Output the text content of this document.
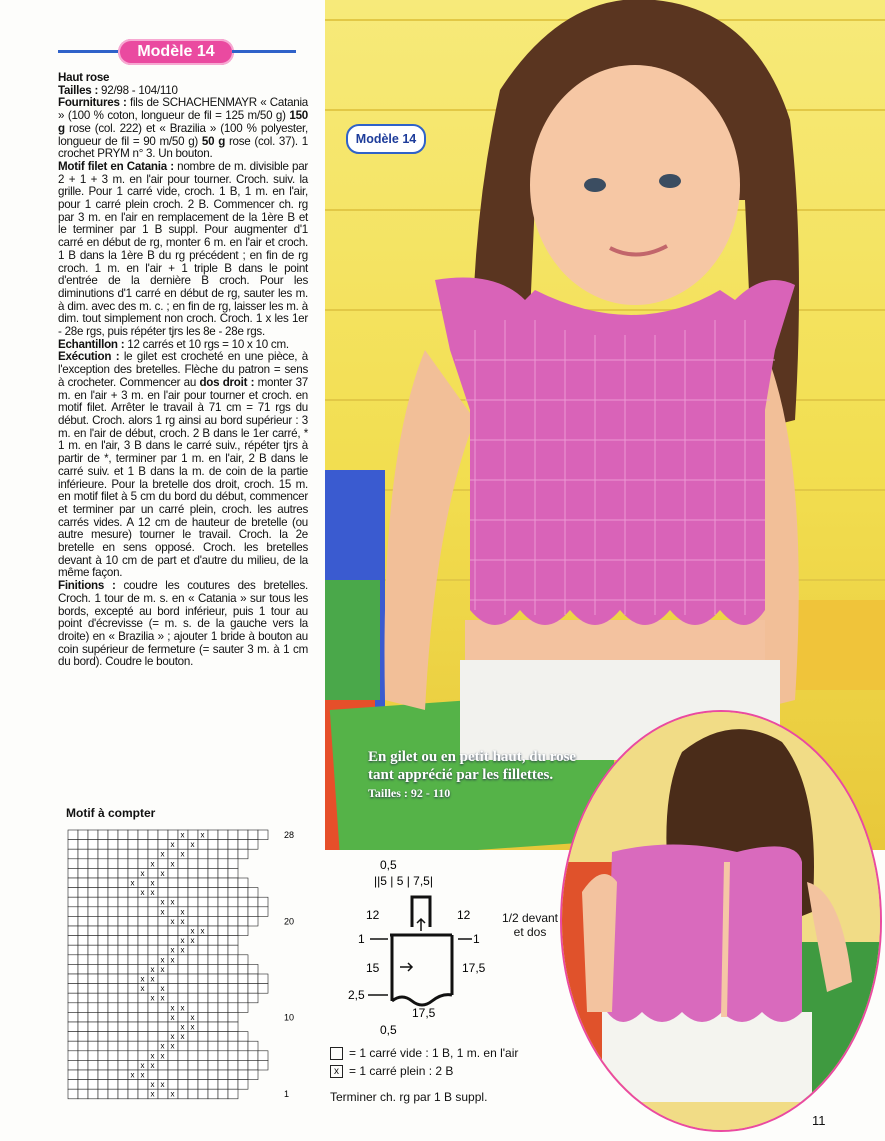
Modèle 14

Haut rose

Tailles : 92/98 - 104/110

Fournitures : fils de SCHACHENMAYR « Catania » (100 % coton, longueur de fil = 125 m/50 g) 150 g rose (col. 222) et « Brazilia » (100 % polyester, longueur de fil = 90 m/50 g) 50 g rose (col. 37). 1 crochet PRYM n° 3. Un bouton.

Motif filet en Catania : nombre de m. divisible par 2 + 1 + 3 m. en l'air pour tourner. Croch. suiv. la grille. Pour 1 carré vide, croch. 1 B, 1 m. en l'air, pour 1 carré plein croch. 2 B. Commencer ch. rg par 3 m. en l'air en remplacement de la 1ère B et le terminer par 1 B suppl. Pour augmenter d'1 carré en début de rg, monter 6 m. en l'air et croch. 1 B dans la 1ère B du rg précédent ; en fin de rg croch. 1 m. en l'air + 1 triple B dans le point d'entrée de la dernière B croch. Pour les diminutions d'1 carré en début de rg, sauter les m. à dim. avec des m. c. ; en fin de rg, laisser les m. à dim. tout simplement non croch. Croch. 1 x les 1er - 28e rgs, puis répéter tjrs les 8e - 28e rgs.

Echantillon : 12 carrés et 10 rgs = 10 x 10 cm.

Exécution : le gilet est crocheté en une pièce, à l'exception des bretelles. Flèche du patron = sens à crocheter. Commencer au dos droit : monter 37 m. en l'air + 3 m. en l'air pour tourner et croch. en motif filet. Arrêter le travail à 71 cm = 71 rgs du début. Croch. alors 1 rg ainsi au bord supérieur : 3 m. en l'air de début, croch. 2 B dans le 1er carré, * 1 m. en l'air, 3 B dans le carré suiv., répéter tjrs à partir de *, terminer par 1 m. en l'air, 2 B dans le carré suiv. et 1 B dans la m. de coin de la partie inférieure. Pour la bretelle dos droit, croch. 15 m. en motif filet à 5 cm du bord du début, commencer et terminer par un carré plein, croch. les autres carrés vides. A 12 cm de hauteur de bretelle (ou autre mesure) tourner le travail. Croch. la 2e bretelle en sens opposé. Croch. les bretelles devant à 10 cm de part et d'autre du milieu, de la même façon.

Finitions : coudre les coutures des bretelles. Croch. 1 tour de m. s. en « Catania » sur tous les bords, excepté au bord inférieur, puis 1 tour au point d'écrevisse (= m. s. de la gauche vers la droite) en « Brazilia » ; ajouter 1 bride à bouton au coin supérieur de fermeture (= sauter 3 m. à 1 cm du bord). Coudre le bouton.

Motif à compter
x x
x x
x x
x x
x x
x x
x x
x x
x x
x x
x x
x x
x x
x x
x x
x x
x x
x x
x x
x x
x x
x x
x x
x x
x x
x x
x x
x x
28
20
10
1
Modèle 14
En gilet ou en petit haut, du rose tant apprécié par les fillettes.
Tailles : 92 - 110
0,5
||5 | 5 | 7,5|
12	12
1	1
15	17,5
2,5
17,5
0,5
1/2 devant et dos
= 1 carré vide : 1 B, 1 m. en l'air
x = 1 carré plein : 2 B
Terminer ch. rg par 1 B suppl.
11
